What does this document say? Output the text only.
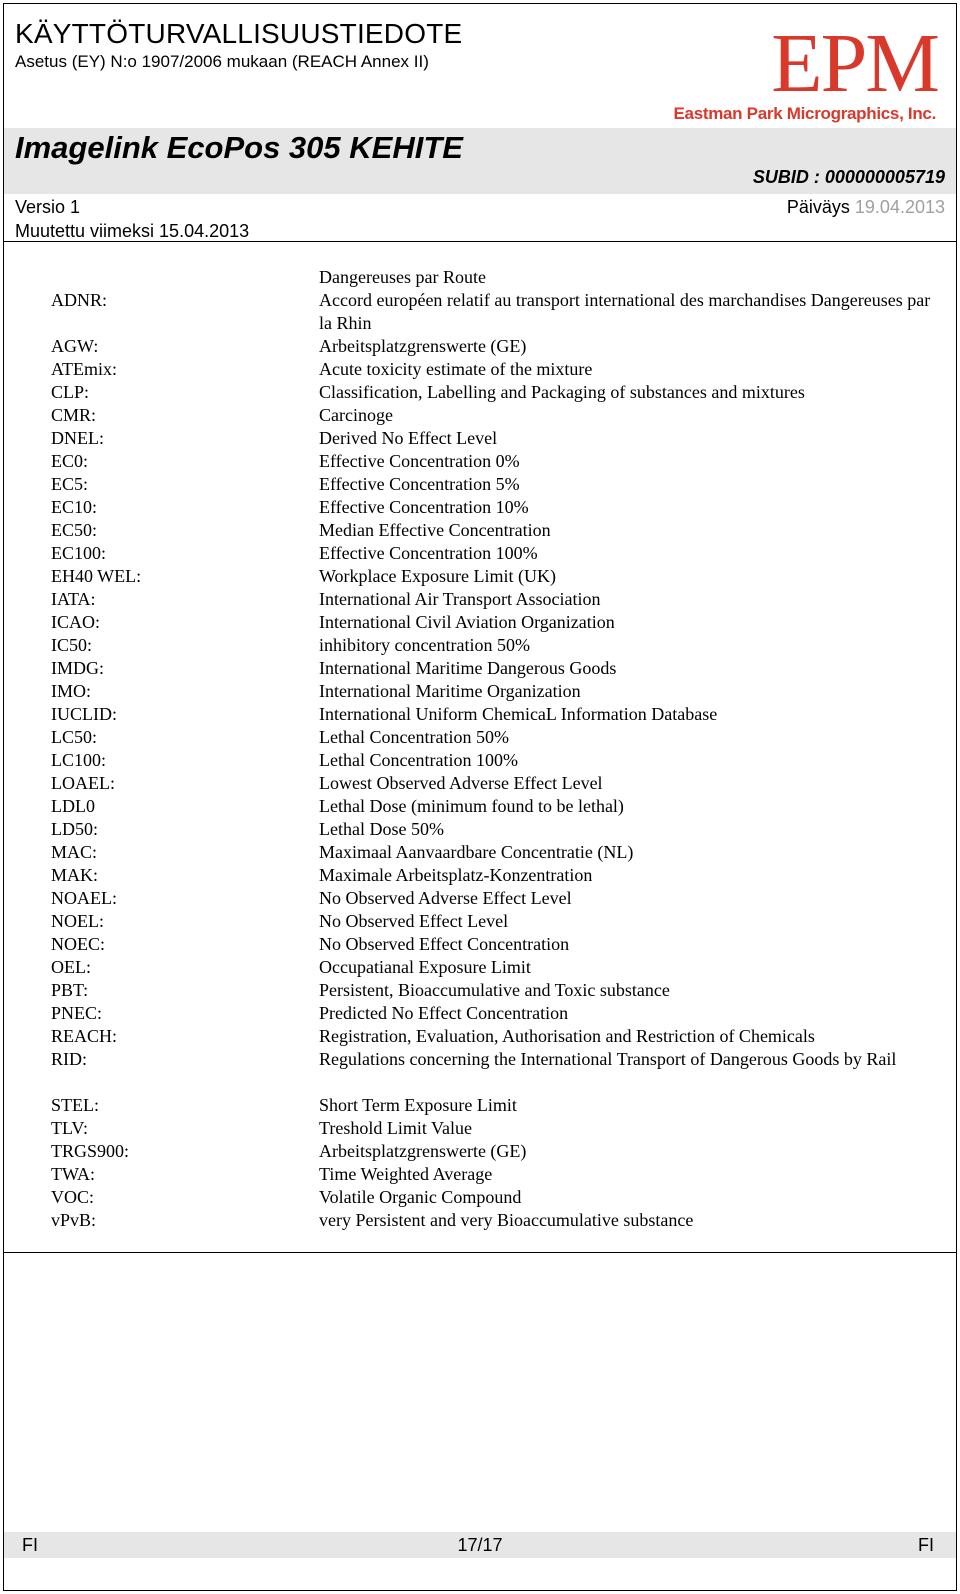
KÄYTTÖTURVALLISUUSTIEDOTE
Asetus (EY) N:o 1907/2006 mukaan (REACH Annex II)	EPM
Eastman Park Micrographics, Inc.
Imagelink EcoPos 305 KEHITE
SUBID : 000000005719
Versio 1
Muutettu viimeksi 15.04.2013
Päiväys 19.04.2013
Dangereuses par Route
ADNR:	Accord européen relatif au transport international des marchandises Dangereuses par la Rhin
AGW:	Arbeitsplatzgrenswerte (GE)
ATEmix:	Acute toxicity estimate of the mixture
CLP:	Classification, Labelling and Packaging of substances and mixtures
CMR:	Carcinoge
DNEL:	Derived No Effect Level
EC0:	Effective Concentration 0%
EC5:	Effective Concentration 5%
EC10:	Effective Concentration 10%
EC50:	Median Effective Concentration
EC100:	Effective Concentration 100%
EH40 WEL:	Workplace Exposure Limit (UK)
IATA:	International Air Transport Association
ICAO:	International Civil Aviation Organization
IC50:	inhibitory concentration 50%
IMDG:	International Maritime Dangerous Goods
IMO:	International Maritime Organization
IUCLID:	International Uniform ChemicaL Information Database
LC50:	Lethal Concentration 50%
LC100:	Lethal Concentration 100%
LOAEL:	Lowest Observed Adverse Effect Level
LDL0	Lethal Dose (minimum found to be lethal)
LD50:	Lethal Dose 50%
MAC:	Maximaal Aanvaardbare Concentratie (NL)
MAK:	Maximale Arbeitsplatz-Konzentration
NOAEL:	No Observed Adverse Effect Level
NOEL:	No Observed Effect Level
NOEC:	No Observed Effect Concentration
OEL:	Occupatianal Exposure Limit
PBT:	Persistent, Bioaccumulative and Toxic substance
PNEC:	Predicted No Effect Concentration
REACH:	Registration, Evaluation, Authorisation and Restriction of Chemicals
RID:	Regulations concerning the International Transport of Dangerous Goods by Rail
STEL:	Short Term Exposure Limit
TLV:	Treshold Limit Value
TRGS900:	Arbeitsplatzgrenswerte (GE)
TWA:	Time Weighted Average
VOC:	Volatile Organic Compound
vPvB:	very Persistent and very Bioaccumulative substance
FI	17/17	FI
